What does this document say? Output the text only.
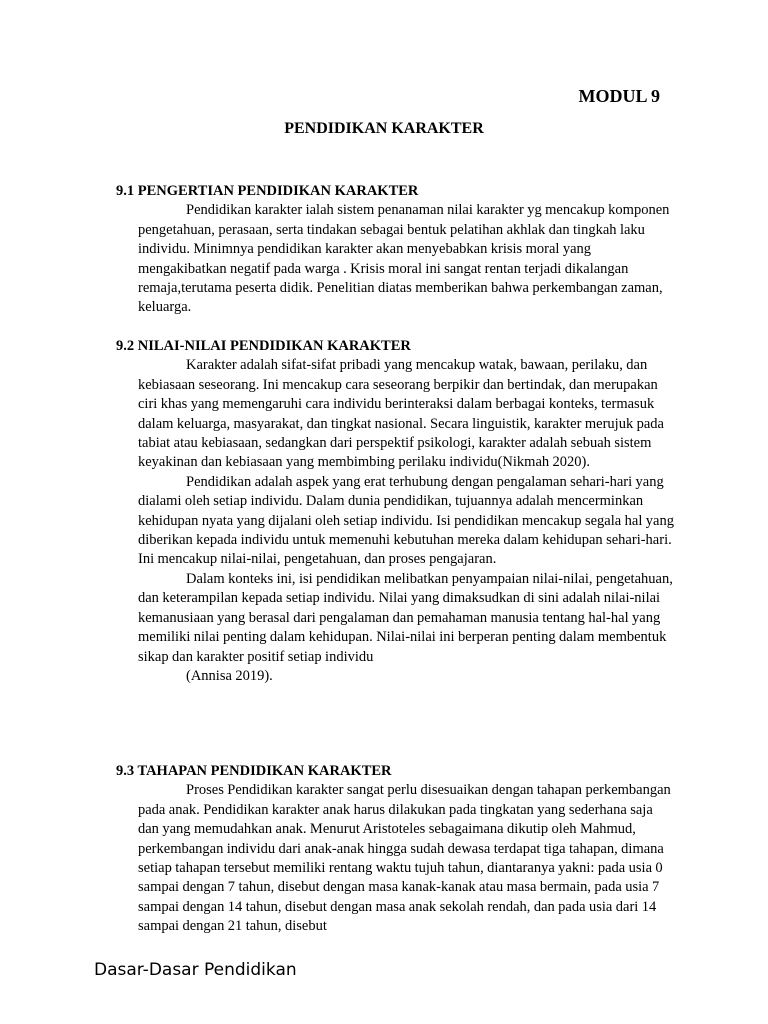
MODUL 9

PENDIDIKAN KARAKTER

9.1 PENGERTIAN PENDIDIKAN KARAKTER

Pendidikan karakter ialah sistem penanaman nilai karakter yg mencakup komponen pengetahuan, perasaan, serta tindakan sebagai bentuk pelatihan akhlak dan tingkah laku individu. Minimnya pendidikan karakter akan menyebabkan krisis moral yang mengakibatkan negatif pada warga . Krisis moral ini sangat rentan terjadi dikalangan remaja,terutama peserta didik. Penelitian diatas memberikan bahwa perkembangan zaman, keluarga.

9.2 NILAI-NILAI PENDIDIKAN KARAKTER

Karakter adalah sifat-sifat pribadi yang mencakup watak, bawaan, perilaku, dan kebiasaan seseorang. Ini mencakup cara seseorang berpikir dan bertindak, dan merupakan ciri khas yang memengaruhi cara individu berinteraksi dalam berbagai konteks, termasuk dalam keluarga, masyarakat, dan tingkat nasional. Secara linguistik, karakter merujuk pada tabiat atau kebiasaan, sedangkan dari perspektif psikologi, karakter adalah sebuah sistem keyakinan dan kebiasaan yang membimbing perilaku individu(Nikmah 2020).

Pendidikan adalah aspek yang erat terhubung dengan pengalaman sehari-hari yang dialami oleh setiap individu. Dalam dunia pendidikan, tujuannya adalah mencerminkan kehidupan nyata yang dijalani oleh setiap individu. Isi pendidikan mencakup segala hal yang diberikan kepada individu untuk memenuhi kebutuhan mereka dalam kehidupan sehari-hari. Ini mencakup nilai-nilai, pengetahuan, dan proses pengajaran.

Dalam konteks ini, isi pendidikan melibatkan penyampaian nilai-nilai, pengetahuan, dan keterampilan kepada setiap individu. Nilai yang dimaksudkan di sini adalah nilai-nilai kemanusiaan yang berasal dari pengalaman dan pemahaman manusia tentang hal-hal yang memiliki nilai penting dalam kehidupan. Nilai-nilai ini berperan penting dalam membentuk sikap dan karakter positif setiap individu

(Annisa 2019).

9.3 TAHAPAN PENDIDIKAN KARAKTER

Proses Pendidikan karakter sangat perlu disesuaikan dengan tahapan perkembangan pada anak. Pendidikan karakter anak harus dilakukan pada tingkatan yang sederhana saja dan yang memudahkan anak. Menurut Aristoteles sebagaimana dikutip oleh Mahmud, perkembangan individu dari anak-anak hingga sudah dewasa terdapat tiga tahapan, dimana setiap tahapan tersebut memiliki rentang waktu tujuh tahun, diantaranya yakni: pada usia 0 sampai dengan 7 tahun, disebut dengan masa kanak-kanak atau masa bermain, pada usia 7 sampai dengan 14 tahun, disebut dengan masa anak sekolah rendah, dan pada usia dari 14 sampai dengan 21 tahun, disebut

Dasar-Dasar Pendidikan
